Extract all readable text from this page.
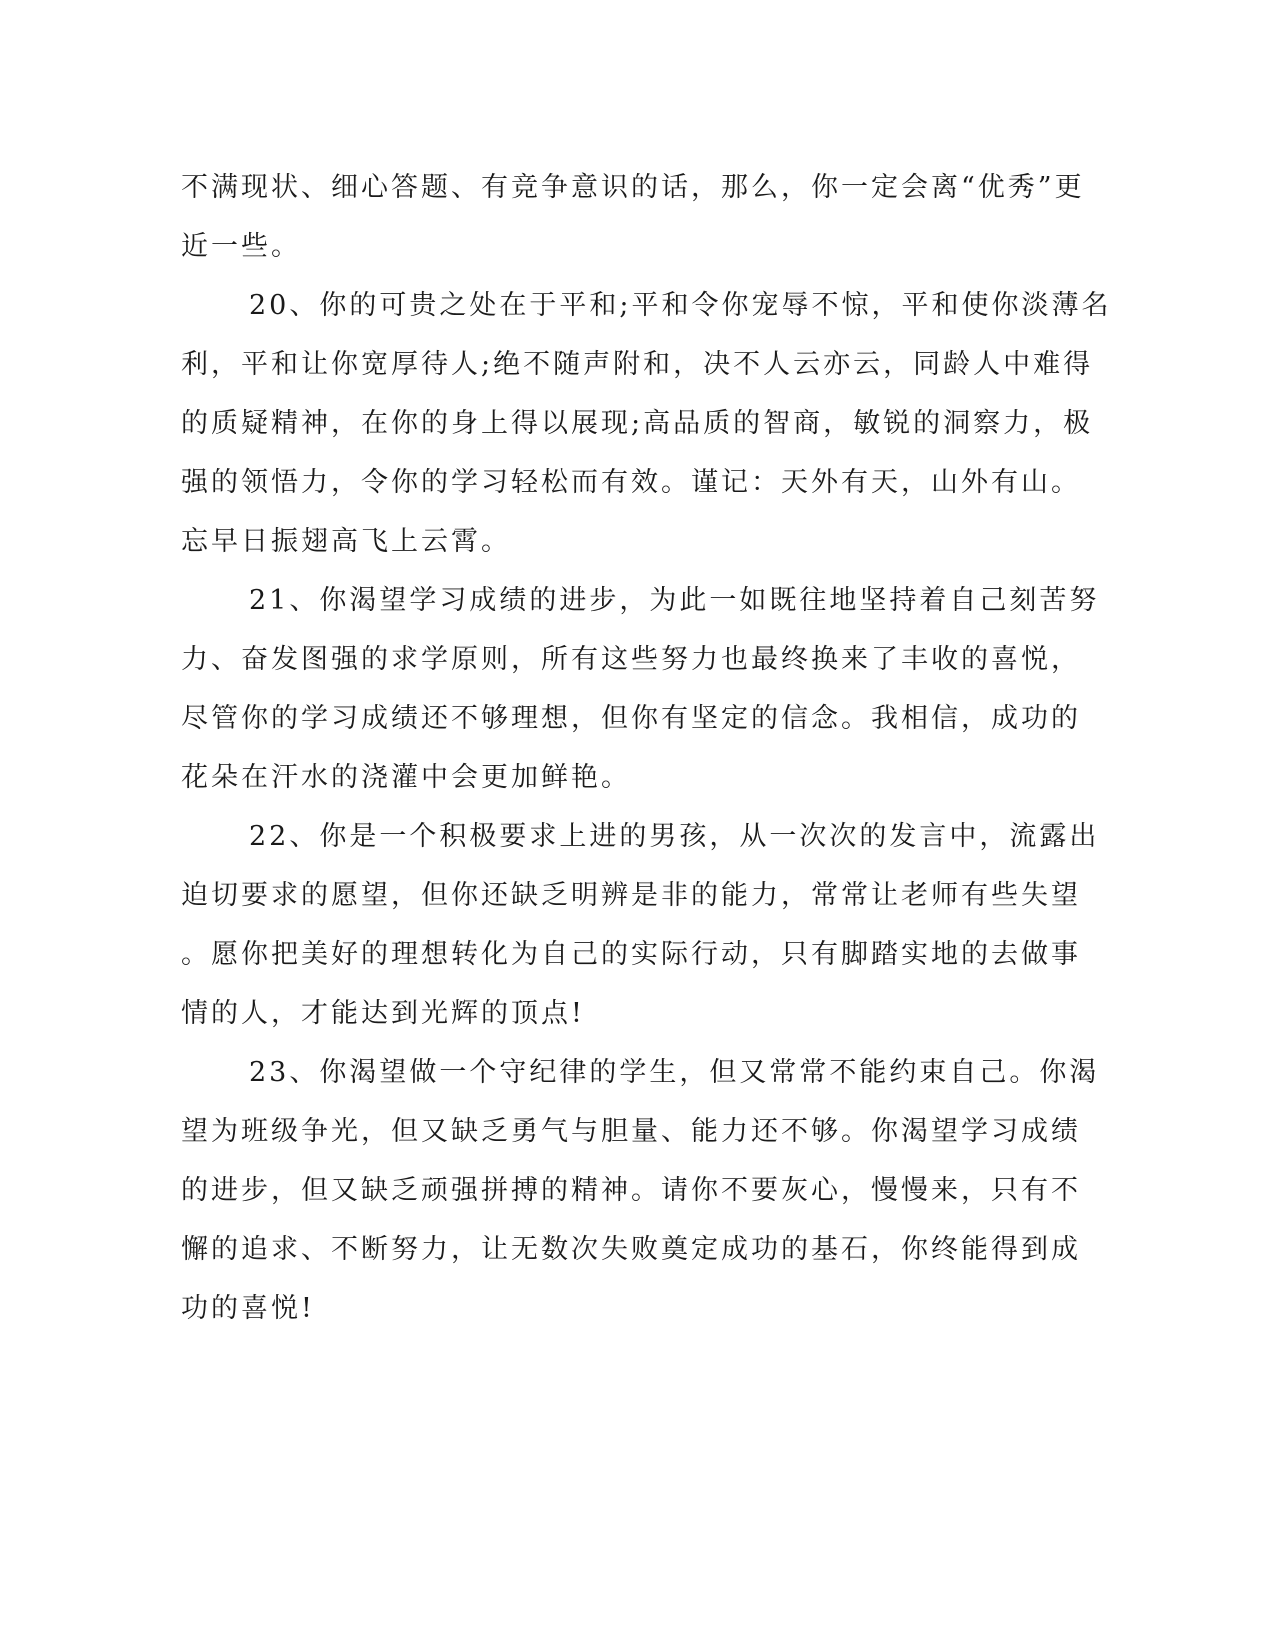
不满现状、细心答题、有竞争意识的话，那么，你一定会离“优秀”更
近一些。
20、你的可贵之处在于平和;平和令你宠辱不惊，平和使你淡薄名
利，平和让你宽厚待人;绝不随声附和，决不人云亦云，同龄人中难得
的质疑精神，在你的身上得以展现;高品质的智商，敏锐的洞察力，极
强的领悟力，令你的学习轻松而有效。谨记：天外有天，山外有山。
忘早日振翅高飞上云霄。
21、你渴望学习成绩的进步，为此一如既往地坚持着自己刻苦努
力、奋发图强的求学原则，所有这些努力也最终换来了丰收的喜悦，
尽管你的学习成绩还不够理想，但你有坚定的信念。我相信，成功的
花朵在汗水的浇灌中会更加鲜艳。
22、你是一个积极要求上进的男孩，从一次次的发言中，流露出
迫切要求的愿望，但你还缺乏明辨是非的能力，常常让老师有些失望
。愿你把美好的理想转化为自己的实际行动，只有脚踏实地的去做事
情的人，才能达到光辉的顶点!
23、你渴望做一个守纪律的学生，但又常常不能约束自己。你渴
望为班级争光，但又缺乏勇气与胆量、能力还不够。你渴望学习成绩
的进步，但又缺乏顽强拼搏的精神。请你不要灰心，慢慢来，只有不
懈的追求、不断努力，让无数次失败奠定成功的基石，你终能得到成
功的喜悦!
